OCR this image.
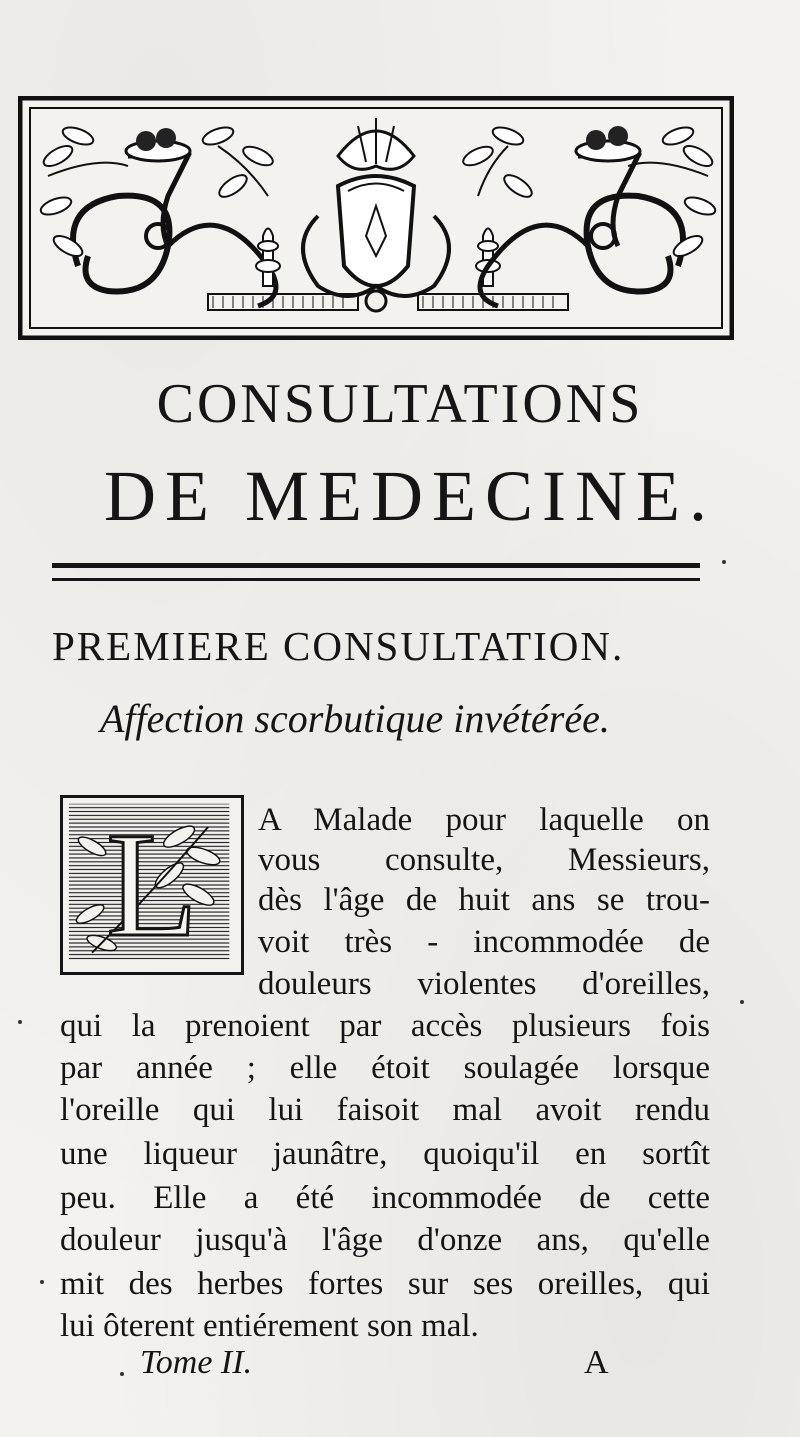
CONSULTATIONS
DE MEDECINE.
PREMIERE CONSULTATION.
Affection scorbutique invétérée.
L	A Malade pour laquelle on
vous consulte, Messieurs,
dès l'âge de huit ans se trou-
voit très - incommodée de
douleurs violentes d'oreilles,
qui la prenoient par accès plusieurs fois
par année ; elle étoit soulagée lorsque
l'oreille qui lui faisoit mal avoit rendu
une liqueur jaunâtre, quoiqu'il en sortît
peu. Elle a été incommodée de cette
douleur jusqu'à l'âge d'onze ans, qu'elle
mit des herbes fortes sur ses oreilles, qui
lui ôterent entiérement son mal.
Tome II.	A
